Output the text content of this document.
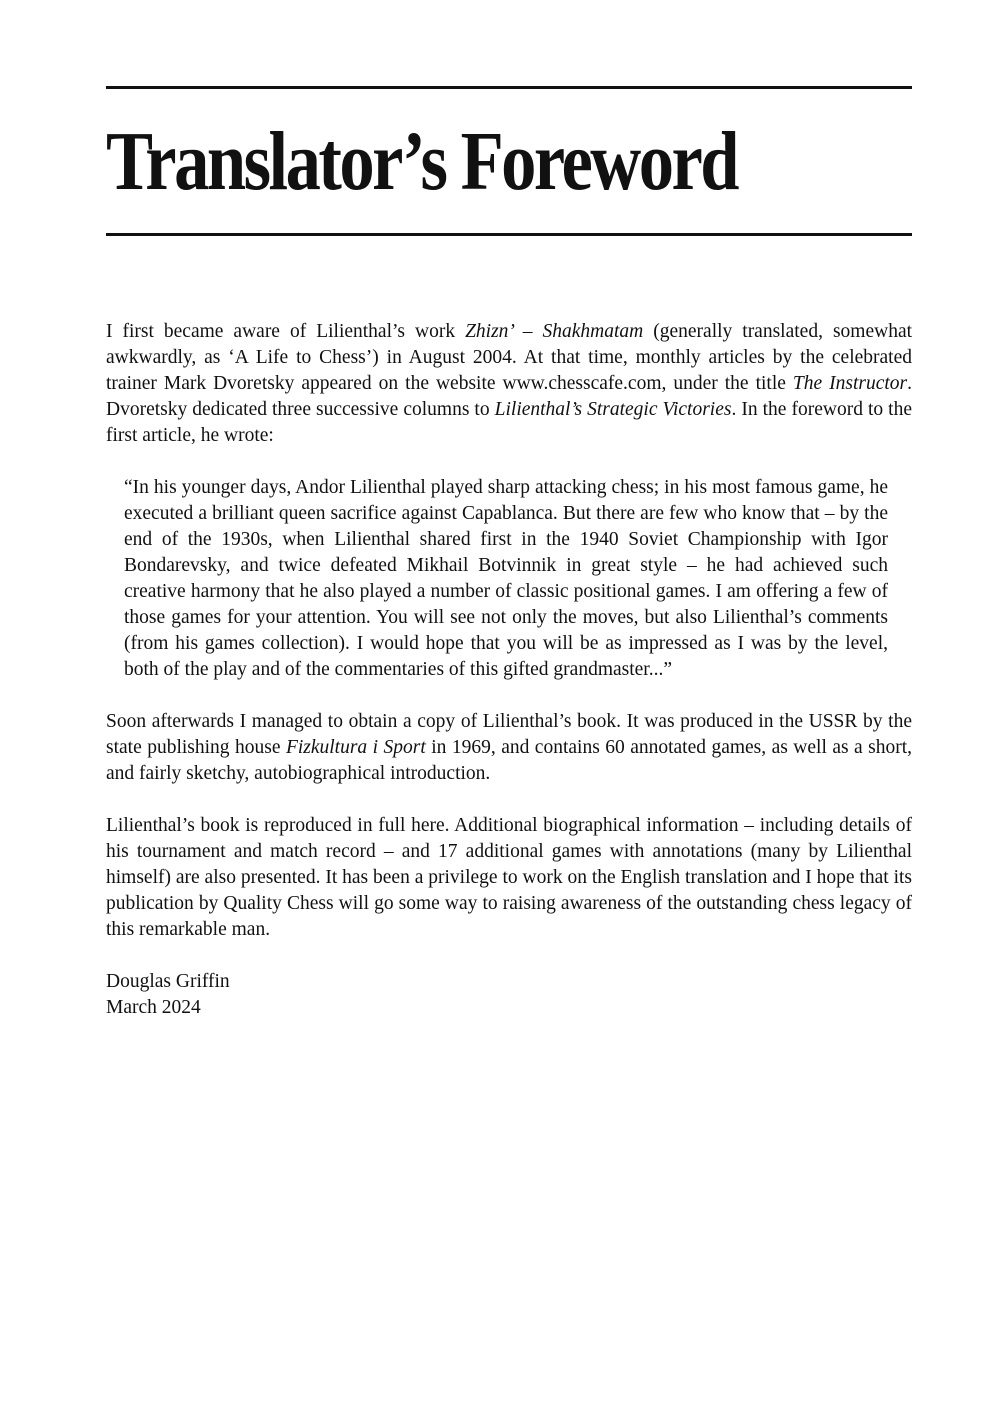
Translator’s Foreword

I first became aware of Lilienthal’s work Zhizn’ – Shakhmatam (generally translated, somewhat awkwardly, as ‘A Life to Chess’) in August 2004. At that time, monthly articles by the celebrated trainer Mark Dvoretsky appeared on the website www.chesscafe.com, under the title The Instructor. Dvoretsky dedicated three successive columns to Lilienthal’s Strategic Victories. In the foreword to the first article, he wrote:

“In his younger days, Andor Lilienthal played sharp attacking chess; in his most famous game, he executed a brilliant queen sacrifice against Capablanca. But there are few who know that – by the end of the 1930s, when Lilienthal shared first in the 1940 Soviet Championship with Igor Bondarevsky, and twice defeated Mikhail Botvinnik in great style – he had achieved such creative harmony that he also played a number of classic positional games. I am offering a few of those games for your attention. You will see not only the moves, but also Lilienthal’s comments (from his games collection). I would hope that you will be as impressed as I was by the level, both of the play and of the commentaries of this gifted grandmaster...”

Soon afterwards I managed to obtain a copy of Lilienthal’s book. It was produced in the USSR by the state publishing house Fizkultura i Sport in 1969, and contains 60 annotated games, as well as a short, and fairly sketchy, autobiographical introduction.

Lilienthal’s book is reproduced in full here. Additional biographical information – including details of his tournament and match record – and 17 additional games with annotations (many by Lilienthal himself) are also presented. It has been a privilege to work on the English translation and I hope that its publication by Quality Chess will go some way to raising awareness of the outstanding chess legacy of this remarkable man.

Douglas Griffin
March 2024
